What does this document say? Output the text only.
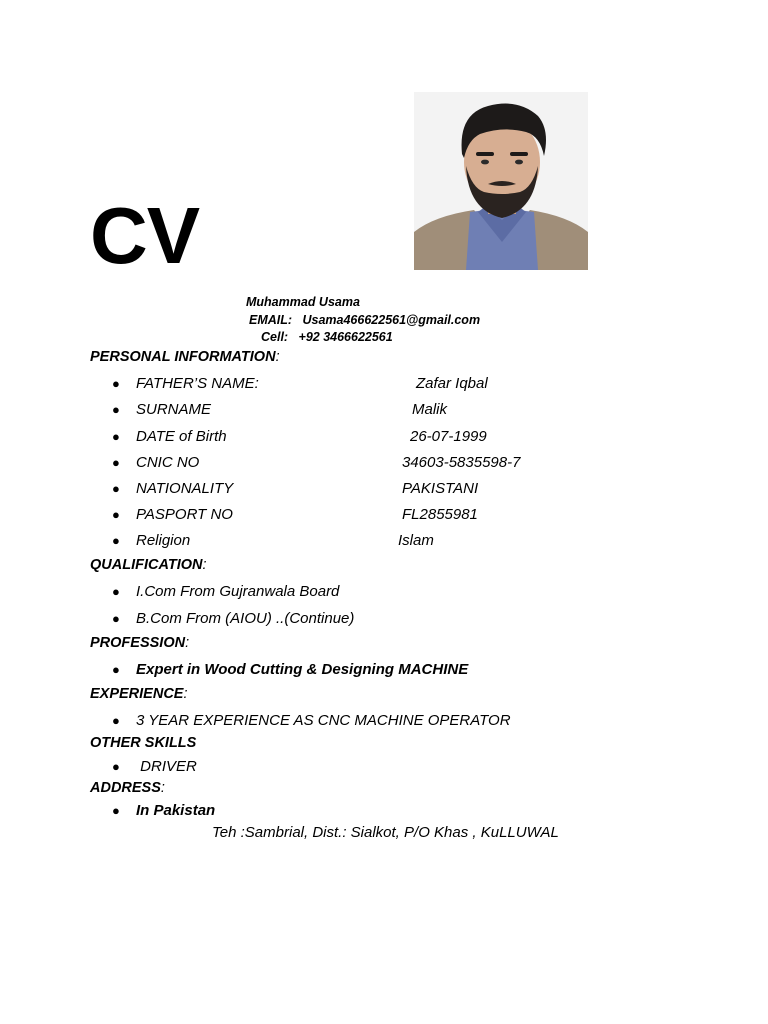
CV
Muhammad Usama
EMAIL: Usama466622561@gmail.com
Cell: +92 3466622561
PERSONAL INFORMATION:
● FATHER’S NAME:	Zafar Iqbal
● SURNAME	Malik
● DATE of Birth	26-07-1999
● CNIC NO	34603-5835598-7
● NATIONALITY	PAKISTANI
● PASPORT NO	FL2855981
● Religion	Islam
QUALIFICATION:
● I.Com From Gujranwala Board
● B.Com From (AIOU) ..(Continue)
PROFESSION:
● Expert in Wood Cutting & Designing MACHINE
EXPERIENCE:
● 3 YEAR EXPERIENCE AS CNC MACHINE OPERATOR
OTHER SKILLS
● DRIVER
ADDRESS:
● In Pakistan
Teh :Sambrial, Dist.: Sialkot, P/O Khas , KuLLUWAL
